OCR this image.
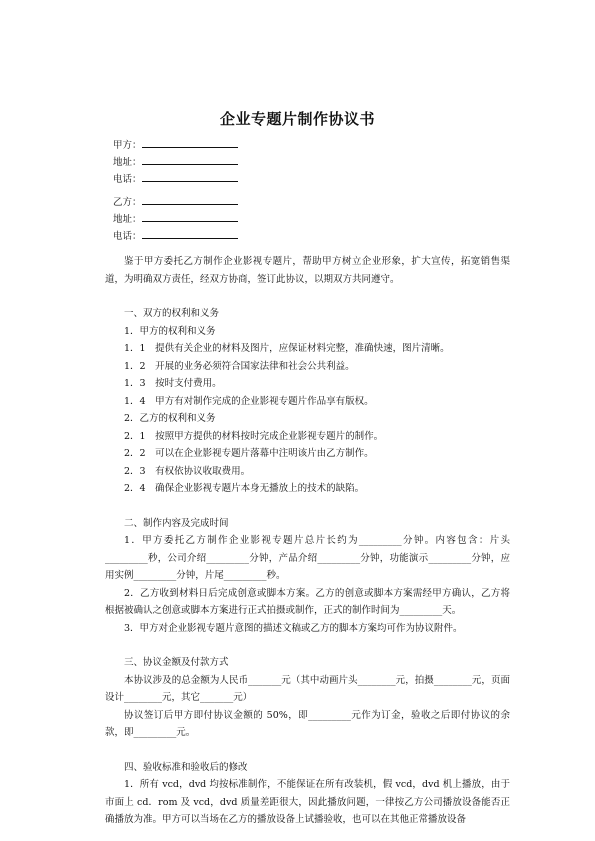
企业专题片制作协议书
甲方：
地址：
电话：
乙方：
地址：
电话：

鉴于甲方委托乙方制作企业影视专题片，帮助甲方树立企业形象，扩大宣传，拓宽销售渠道，为明确双方责任，经双方协商，签订此协议，以期双方共同遵守。

一、双方的权利和义务

1．甲方的权利和义务

1．1　提供有关企业的材料及图片，应保证材料完整，准确快速，图片清晰。

1．2　开展的业务必须符合国家法律和社会公共利益。

1．3　按时支付费用。

1．4　甲方有对制作完成的企业影视专题片作品享有版权。

2．乙方的权利和义务

2．1　按照甲方提供的材料按时完成企业影视专题片的制作。

2．2　可以在企业影视专题片落幕中注明该片由乙方制作。

2．3　有权依协议收取费用。

2．4　确保企业影视专题片本身无播放上的技术的缺陷。

二、制作内容及完成时间

1．甲方委托乙方制作企业影视专题片总片长约为_________分钟。内容包含：片头_________秒，公司介绍_________分钟，产品介绍_________分钟，功能演示_________分钟，应用实例_________分钟，片尾_________秒。

2．乙方收到材料日后完成创意或脚本方案。乙方的创意或脚本方案需经甲方确认，乙方将根据被确认之创意或脚本方案进行正式拍摄或制作，正式的制作时间为_________天。

3．甲方对企业影视专题片意图的描述文稿或乙方的脚本方案均可作为协议附件。

三、协议金额及付款方式

本协议涉及的总金额为人民币_______元（其中动画片头________元，拍摄________元，页面设计________元，其它_______元）

协议签订后甲方即付协议金额的 50%，即_________元作为订金，验收之后即付协议的余款，即_________元。

四、验收标准和验收后的修改

1．所有 vcd，dvd 均按标准制作，不能保证在所有改装机，假 vcd，dvd 机上播放，由于市面上 cd．rom 及 vcd，dvd 质量差距很大，因此播放问题，一律按乙方公司播放设备能否正确播放为准。甲方可以当场在乙方的播放设备上试播验收，也可以在其他正常播放设备
